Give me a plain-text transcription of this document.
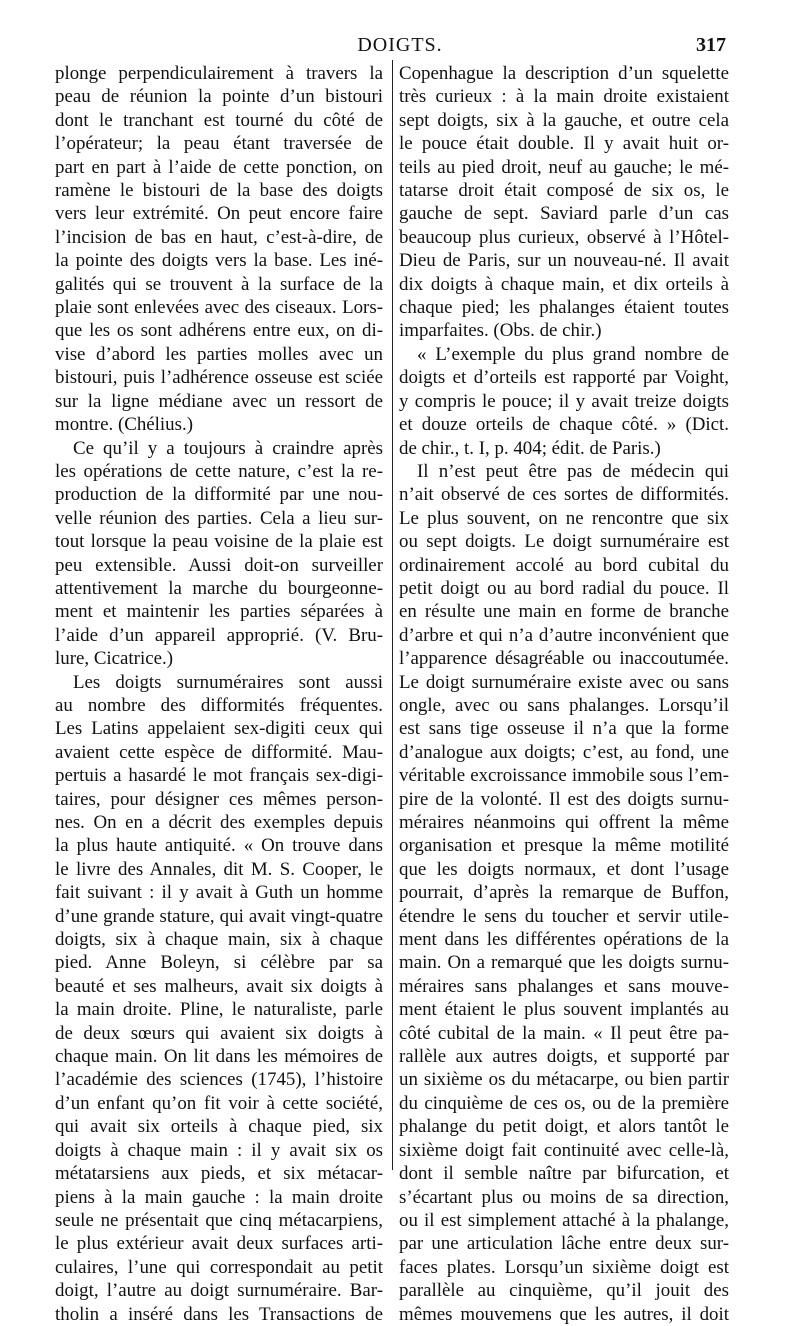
DOIGTS.	317
plonge perpendiculairement à travers la
peau de réunion la pointe d’un bistouri
dont le tranchant est tourné du côté de
l’opérateur; la peau étant traversée de
part en part à l’aide de cette ponction, on
ramène le bistouri de la base des doigts
vers leur extrémité. On peut encore faire
l’incision de bas en haut, c’est-à-dire, de
la pointe des doigts vers la base. Les iné-
galités qui se trouvent à la surface de la
plaie sont enlevées avec des ciseaux. Lors-
que les os sont adhérens entre eux, on di-
vise d’abord les parties molles avec un
bistouri, puis l’adhérence osseuse est sciée
sur la ligne médiane avec un ressort de
montre. (Chélius.)
Ce qu’il y a toujours à craindre après
les opérations de cette nature, c’est la re-
production de la difformité par une nou-
velle réunion des parties. Cela a lieu sur-
tout lorsque la peau voisine de la plaie est
peu extensible. Aussi doit-on surveiller
attentivement la marche du bourgeonne-
ment et maintenir les parties séparées à
l’aide d’un appareil approprié. (V. Bru-
lure, Cicatrice.)
Les doigts surnuméraires sont aussi
au nombre des difformités fréquentes.
Les Latins appelaient sex-digiti ceux qui
avaient cette espèce de difformité. Mau-
pertuis a hasardé le mot français sex-digi-
taires, pour désigner ces mêmes person-
nes. On en a décrit des exemples depuis
la plus haute antiquité. « On trouve dans
le livre des Annales, dit M. S. Cooper, le
fait suivant : il y avait à Guth un homme
d’une grande stature, qui avait vingt-quatre
doigts, six à chaque main, six à chaque
pied. Anne Boleyn, si célèbre par sa
beauté et ses malheurs, avait six doigts à
la main droite. Pline, le naturaliste, parle
de deux sœurs qui avaient six doigts à
chaque main. On lit dans les mémoires de
l’académie des sciences (1745), l’histoire
d’un enfant qu’on fit voir à cette société,
qui avait six orteils à chaque pied, six
doigts à chaque main : il y avait six os
métatarsiens aux pieds, et six métacar-
piens à la main gauche : la main droite
seule ne présentait que cinq métacarpiens,
le plus extérieur avait deux surfaces arti-
culaires, l’une qui correspondait au petit
doigt, l’autre au doigt surnuméraire. Bar-
tholin a inséré dans les Transactions de
Copenhague la description d’un squelette
très curieux : à la main droite existaient
sept doigts, six à la gauche, et outre cela
le pouce était double. Il y avait huit or-
teils au pied droit, neuf au gauche; le mé-
tatarse droit était composé de six os, le
gauche de sept. Saviard parle d’un cas
beaucoup plus curieux, observé à l’Hôtel-
Dieu de Paris, sur un nouveau-né. Il avait
dix doigts à chaque main, et dix orteils à
chaque pied; les phalanges étaient toutes
imparfaites. (Obs. de chir.)
« L’exemple du plus grand nombre de
doigts et d’orteils est rapporté par Voight,
y compris le pouce; il y avait treize doigts
et douze orteils de chaque côté. » (Dict.
de chir., t. I, p. 404; édit. de Paris.)
Il n’est peut être pas de médecin qui
n’ait observé de ces sortes de difformités.
Le plus souvent, on ne rencontre que six
ou sept doigts. Le doigt surnuméraire est
ordinairement accolé au bord cubital du
petit doigt ou au bord radial du pouce. Il
en résulte une main en forme de branche
d’arbre et qui n’a d’autre inconvénient que
l’apparence désagréable ou inaccoutumée.
Le doigt surnuméraire existe avec ou sans
ongle, avec ou sans phalanges. Lorsqu’il
est sans tige osseuse il n’a que la forme
d’analogue aux doigts; c’est, au fond, une
véritable excroissance immobile sous l’em-
pire de la volonté. Il est des doigts surnu-
méraires néanmoins qui offrent la même
organisation et presque la même motilité
que les doigts normaux, et dont l’usage
pourrait, d’après la remarque de Buffon,
étendre le sens du toucher et servir utile-
ment dans les différentes opérations de la
main. On a remarqué que les doigts surnu-
méraires sans phalanges et sans mouve-
ment étaient le plus souvent implantés au
côté cubital de la main. « Il peut être pa-
rallèle aux autres doigts, et supporté par
un sixième os du métacarpe, ou bien partir
du cinquième de ces os, ou de la première
phalange du petit doigt, et alors tantôt le
sixième doigt fait continuité avec celle-là,
dont il semble naître par bifurcation, et
s’écartant plus ou moins de sa direction,
ou il est simplement attaché à la phalange,
par une articulation lâche entre deux sur-
faces plates. Lorsqu’un sixième doigt est
parallèle au cinquième, qu’il jouit des
mêmes mouvemens que les autres, il doit
